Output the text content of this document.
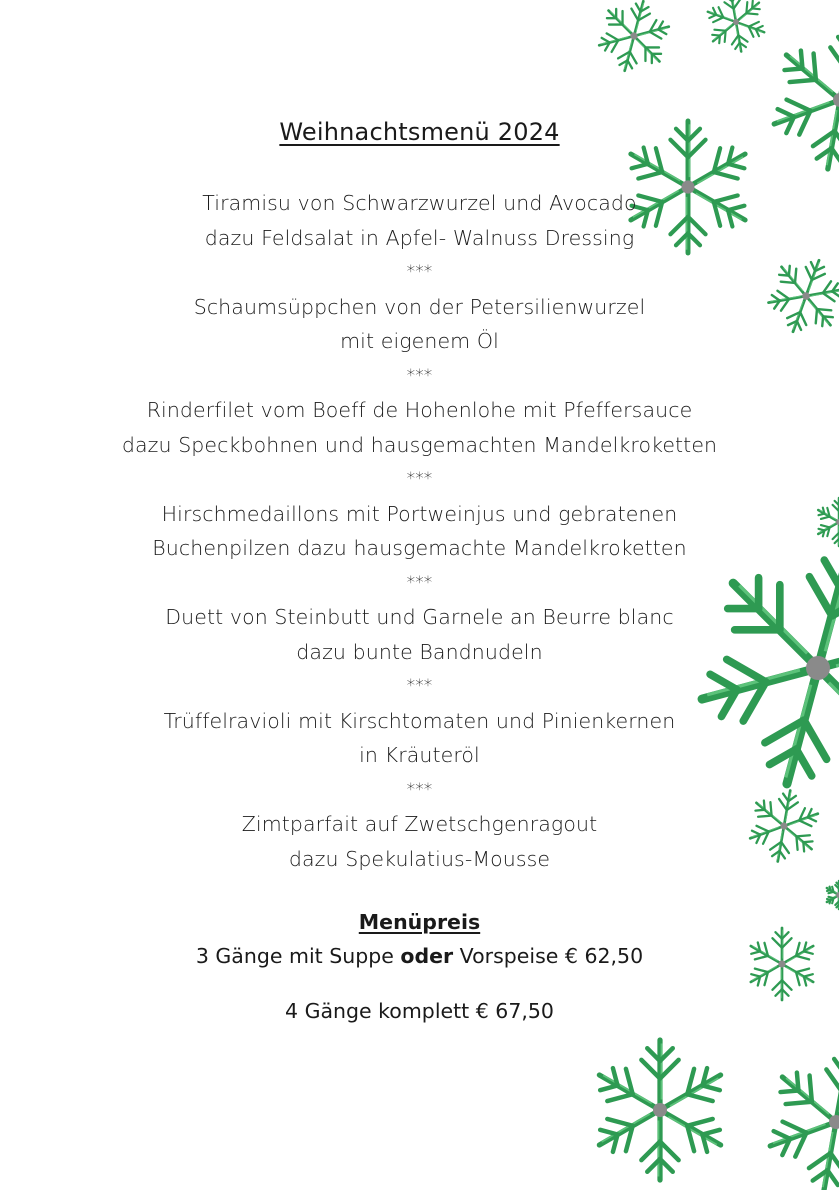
Weihnachtsmenü 2024
Tiramisu von Schwarzwurzel und Avocado
dazu Feldsalat in Apfel- Walnuss Dressing
***
Schaumsüppchen von der Petersilienwurzel
mit eigenem Öl
***
Rinderfilet vom Boeff de Hohenlohe mit Pfeffersauce
dazu Speckbohnen und hausgemachten Mandelkroketten
***
Hirschmedaillons mit Portweinjus und gebratenen
Buchenpilzen dazu hausgemachte Mandelkroketten
***
Duett von Steinbutt und Garnele an Beurre blanc
dazu bunte Bandnudeln
***
Trüffelravioli mit Kirschtomaten und Pinienkernen
in Kräuteröl
***
Zimtparfait auf Zwetschgenragout
dazu Spekulatius-Mousse
Menüpreis
3 Gänge mit Suppe oder Vorspeise € 62,50
4 Gänge komplett € 67,50
